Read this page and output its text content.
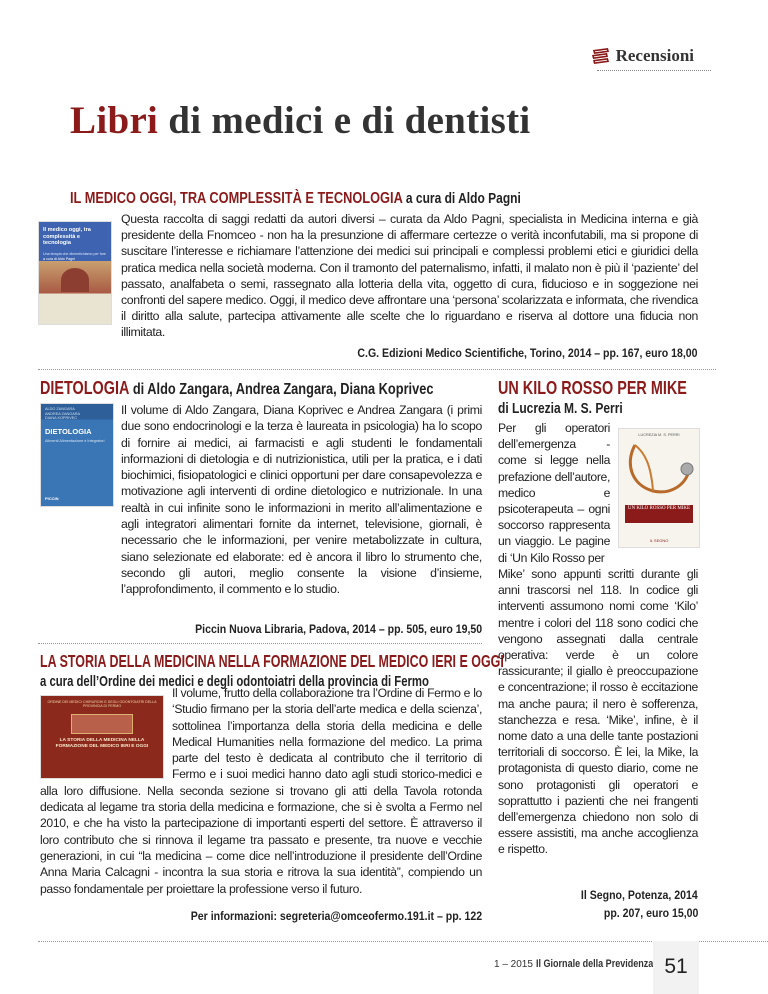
Recensioni
Libri di medici e di dentisti
IL MEDICO OGGI, TRA COMPLESSITÀ E TECNOLOGIA a cura di Aldo Pagni
Il medico oggi, tra complessità e tecnologia
Una terapia che dimentichiamo per fare
a cura di Aldo Pagni
Questa raccolta di saggi redatti da autori diversi – curata da Aldo Pagni, specialista in Medicina interna e già presidente della Fnomceo - non ha la presunzione di affermare certezze o verità inconfutabili, ma si propone di suscitare l’interesse e richiamare l’attenzione dei medici sui principali e complessi problemi etici e giuridici della pratica medica nella società moderna. Con il tramonto del paternalismo, infatti, il malato non è più il ‘paziente’ del passato, analfabeta o semi, rassegnato alla lotteria della vita, oggetto di cura, fiducioso e in soggezione nei confronti del sapere medico. Oggi, il medico deve affrontare una ‘persona’ scolarizzata e informata, che rivendica il diritto alla salute, partecipa attivamente alle scelte che lo riguardano e riserva al dottore una fiducia non illimitata.
C.G. Edizioni Medico Scientifiche, Torino, 2014 – pp. 167, euro 18,00
DIETOLOGIA di Aldo Zangara, Andrea Zangara, Diana Koprivec
ALDO ZANGARA ANDREA ZANGARA DIANA KOPRIVEC
DIETOLOGIA
Alimenti Alimentazione e Integratori
PICCIN
Il volume di Aldo Zangara, Diana Koprivec e Andrea Zangara (i primi due sono endocrinologi e la terza è laureata in psicologia) ha lo scopo di fornire ai medici, ai farmacisti e agli studenti le fondamentali informazioni di dietologia e di nutrizionistica, utili per la pratica, e i dati biochimici, fisiopatologici e clinici opportuni per dare consapevolezza e motivazione agli interventi di ordine dietologico e nutrizionale. In una realtà in cui infinite sono le informazioni in merito all’alimentazione e agli integratori alimentari fornite da internet, televisione, giornali, è necessario che le informazioni, per venire metabolizzate in cultura, siano selezionate ed elaborate: ed è ancora il libro lo strumento che, secondo gli autori, meglio consente la visione d’insieme, l’approfondimento, il commento e lo studio.
Piccin Nuova Libraria, Padova, 2014 – pp. 505, euro 19,50
LA STORIA DELLA MEDICINA NELLA FORMAZIONE DEL MEDICO IERI E OGGI
a cura dell’Ordine dei medici e degli odontoiatri della provincia di Fermo
ORDINE DEI MEDICI CHIRURGHI E DEGLI ODONTOIATRI DELLA PROVINCIA DI FERMO
LA STORIA DELLA MEDICINA NELLA FORMAZIONE DEL MEDICO IERI E OGGI
Il volume, frutto della collaborazione tra l’Ordine di Fermo e lo ‘Studio firmano per la storia dell’arte medica e della scienza’, sottolinea l’importanza della storia della medicina e delle Medical Humanities nella formazione del medico. La prima parte del testo è dedicata al contributo che il territorio di Fermo e i suoi medici hanno dato agli studi storico-medici e alla loro diffusione. Nella seconda sezione si trovano gli atti della Tavola rotonda dedicata al legame tra storia della medicina e formazione, che si è svolta a Fermo nel 2010, e che ha visto la partecipazione di importanti esperti del settore. È attraverso il loro contributo che si rinnova il legame tra passato e presente, tra nuove e vecchie generazioni, in cui “la medicina – come dice nell’introduzione il presidente dell’Ordine Anna Maria Calcagni - incontra la sua storia e ritrova la sua identità”, compiendo un passo fondamentale per proiettare la professione verso il futuro.
Per informazioni: segreteria@omceofermo.191.it – pp. 122
UN KILO ROSSO PER MIKE
di Lucrezia M. S. Perri
LUCREZIA M. S. PERRI
UN KILO ROSSO PER MIKE
IL SEGNO
Per gli operatori dell’emergenza - come si legge nella prefazione dell’autore, medico e psicoterapeuta – ogni soccorso rappresenta un viaggio. Le pagine di ‘Un Kilo Rosso per
Mike’ sono appunti scritti durante gli anni trascorsi nel 118. In codice gli interventi assumono nomi come ‘Kilo’ mentre i colori del 118 sono codici che vengono assegnati dalla centrale operativa: verde è un colore rassicurante; il giallo è preoccupazione e concentrazione; il rosso è eccitazione ma anche paura; il nero è sofferenza, stanchezza e resa. ‘Mike’, infine, è il nome dato a una delle tante postazioni territoriali di soccorso. È lei, la Mike, la protagonista di questo diario, come ne sono protagonisti gli operatori e soprattutto i pazienti che nei frangenti dell’emergenza chiedono non solo di essere assistiti, ma anche accoglienza e rispetto.
Il Segno, Potenza, 2014
pp. 207, euro 15,00
1 – 2015 Il Giornale della Previdenza 51
